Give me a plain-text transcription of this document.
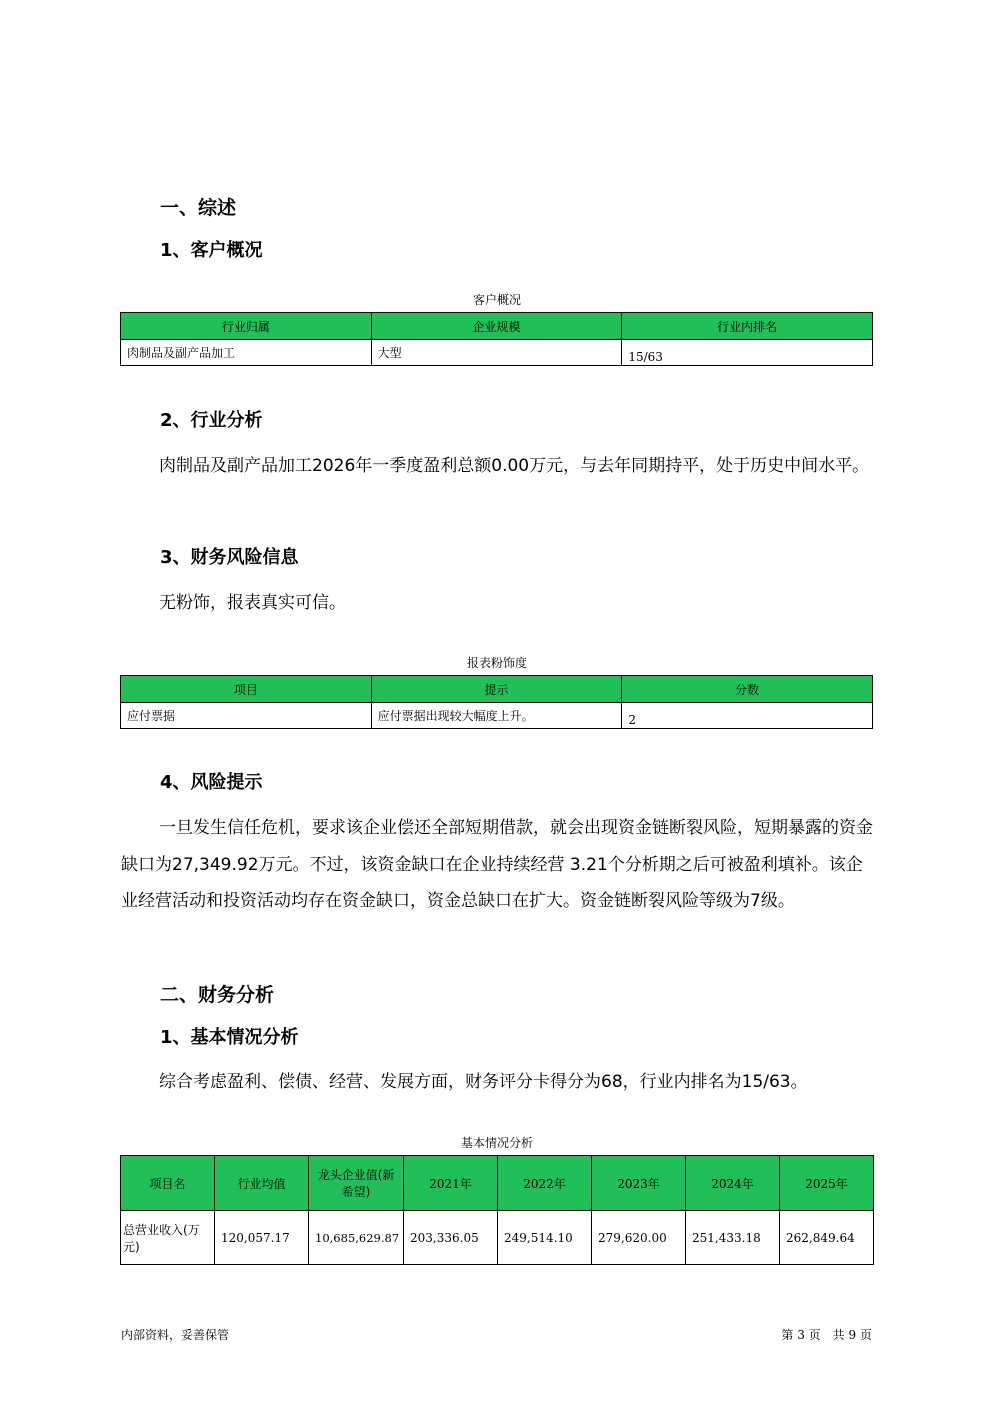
一、综述
1、客户概况
客户概况
行业归属	企业规模	行业内排名
肉制品及副产品加工	大型	15/63
2、行业分析
肉制品及副产品加工2026年一季度盈利总额0.00万元，与去年同期持平，处于历史中间水平。
3、财务风险信息
无粉饰，报表真实可信。
报表粉饰度
项目	提示	分数
应付票据	应付票据出现较大幅度上升。	2
4、风险提示
一旦发生信任危机，要求该企业偿还全部短期借款，就会出现资金链断裂风险，短期暴露的资金缺口为27,349.92万元。不过，该资金缺口在企业持续经营 3.21个分析期之后可被盈利填补。该企业经营活动和投资活动均存在资金缺口，资金总缺口在扩大。资金链断裂风险等级为7级。
二、财务分析
1、基本情况分析
综合考虑盈利、偿债、经营、发展方面，财务评分卡得分为68，行业内排名为15/63。
基本情况分析
项目名	行业均值	龙头企业值(新希望)	2021年	2022年	2023年	2024年	2025年
总营业收入(万元)	120,057.17	10,685,629.87	203,336.05	249,514.10	279,620.00	251,433.18	262,849.64
内部资料，妥善保管	第 3 页　共 9 页
